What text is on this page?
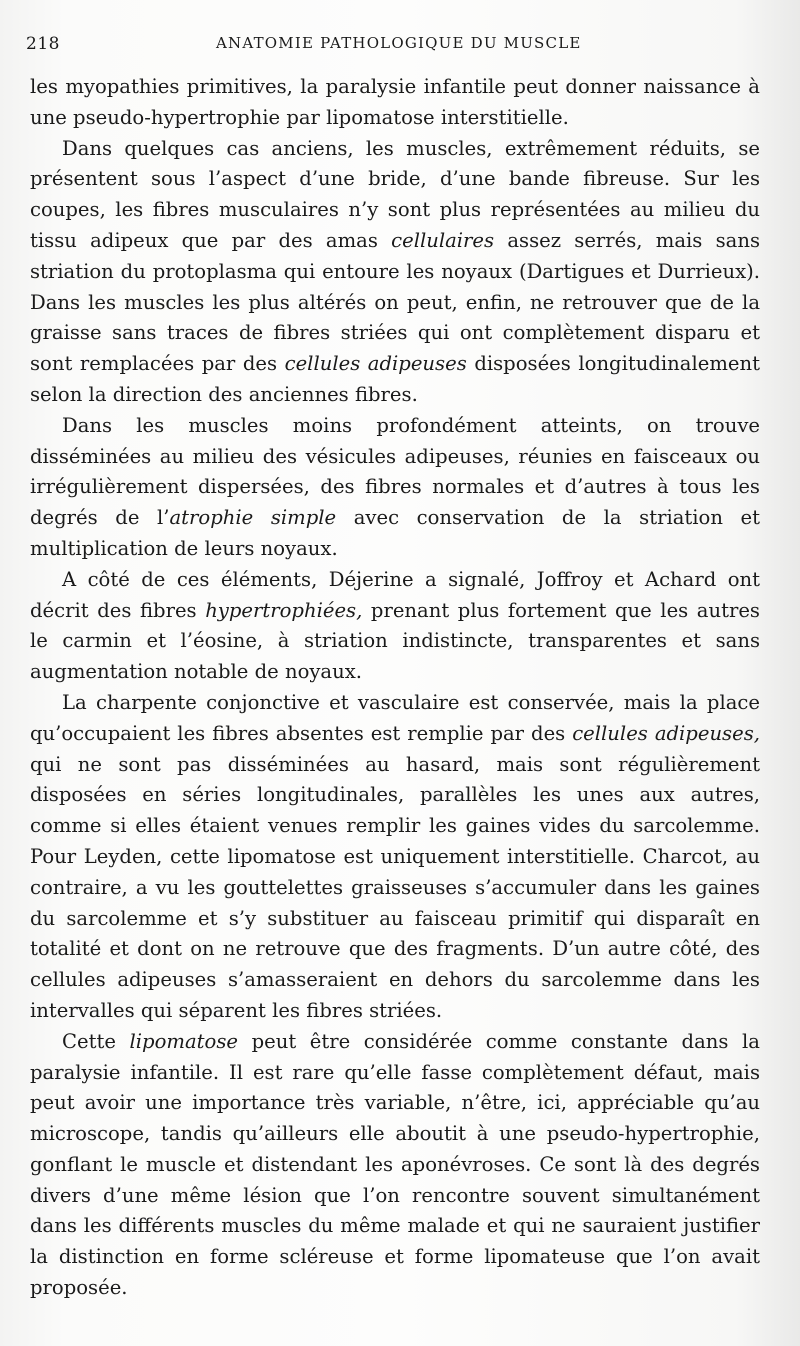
218	ANATOMIE PATHOLOGIQUE DU MUSCLE

les myopathies primitives, la paralysie infantile peut donner naissance à une pseudo-hypertrophie par lipomatose interstitielle.

Dans quelques cas anciens, les muscles, extrêmement réduits, se présentent sous l’aspect d’une bride, d’une bande fibreuse. Sur les coupes, les fibres musculaires n’y sont plus représentées au milieu du tissu adipeux que par des amas cellulaires assez serrés, mais sans striation du protoplasma qui entoure les noyaux (Dartigues et Durrieux). Dans les muscles les plus altérés on peut, enfin, ne retrouver que de la graisse sans traces de fibres striées qui ont complètement disparu et sont remplacées par des cellules adipeuses disposées longitudinalement selon la direction des anciennes fibres.

Dans les muscles moins profondément atteints, on trouve disséminées au milieu des vésicules adipeuses, réunies en faisceaux ou irrégulièrement dispersées, des fibres normales et d’autres à tous les degrés de l’atrophie simple avec conservation de la striation et multiplication de leurs noyaux.

A côté de ces éléments, Déjerine a signalé, Joffroy et Achard ont décrit des fibres hypertrophiées, prenant plus fortement que les autres le carmin et l’éosine, à striation indistincte, transparentes et sans augmentation notable de noyaux.

La charpente conjonctive et vasculaire est conservée, mais la place qu’occupaient les fibres absentes est remplie par des cellules adipeuses, qui ne sont pas disséminées au hasard, mais sont régulièrement disposées en séries longitudinales, parallèles les unes aux autres, comme si elles étaient venues remplir les gaines vides du sarcolemme. Pour Leyden, cette lipomatose est uniquement interstitielle. Charcot, au contraire, a vu les gouttelettes graisseuses s’accumuler dans les gaines du sarcolemme et s’y substituer au faisceau primitif qui disparaît en totalité et dont on ne retrouve que des fragments. D’un autre côté, des cellules adipeuses s’amasseraient en dehors du sarcolemme dans les intervalles qui séparent les fibres striées.

Cette lipomatose peut être considérée comme constante dans la paralysie infantile. Il est rare qu’elle fasse complètement défaut, mais peut avoir une importance très variable, n’être, ici, appréciable qu’au microscope, tandis qu’ailleurs elle aboutit à une pseudo-hypertrophie, gonflant le muscle et distendant les aponévroses. Ce sont là des degrés divers d’une même lésion que l’on rencontre souvent simultanément dans les différents muscles du même malade et qui ne sauraient justifier la distinction en forme scléreuse et forme lipomateuse que l’on avait proposée.
